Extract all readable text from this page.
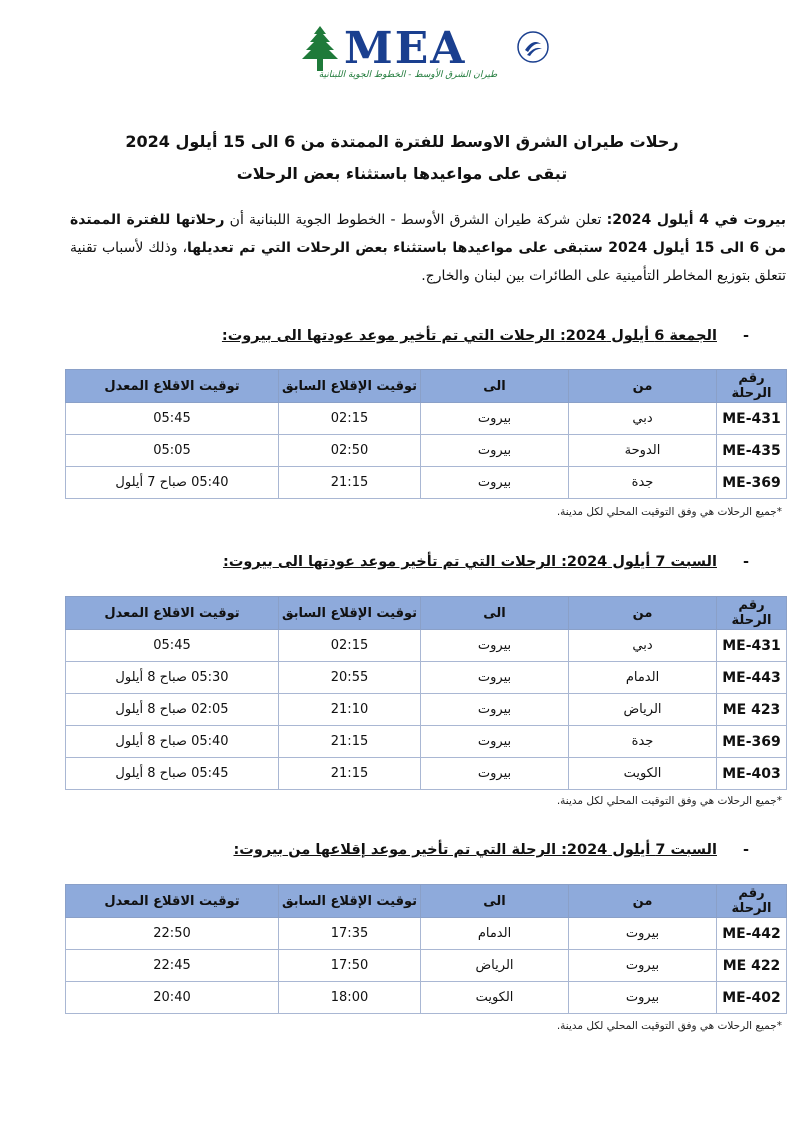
MEA
طيران الشرق الأوسط - الخطوط الجوية اللبنانية
رحلات طيران الشرق الاوسط للفترة الممتدة من 6 الى 15 أيلول 2024
تبقى على مواعيدها باستثناء بعض الرحلات
بيروت في 4 أيلول 2024: تعلن شركة طيران الشرق الأوسط - الخطوط الجوية اللبنانية أن رحلاتها للفترة الممتدة من 6 الى 15 أيلول 2024 ستبقى على مواعيدها باستثناء بعض الرحلات التي تم تعديلها، وذلك لأسباب تقنية تتعلق بتوزيع المخاطر التأمينية على الطائرات بين لبنان والخارج.
-الجمعة 6 أيلول 2024: الرحلات التي تم تأخير موعد عودتها الى بيروت:
رقم الرحلة	من	الى	توقيت الإقلاع السابق	توقيت الاقلاع المعدل
ME-431	دبي	بيروت	02:15	05:45
ME-435	الدوحة	بيروت	02:50	05:05
ME-369	جدة	بيروت	21:15	05:40 صباح 7 أيلول
*جميع الرحلات هي وفق التوقيت المحلي لكل مدينة.
-السبت 7 أيلول 2024: الرحلات التي تم تأخير موعد عودتها الى بيروت:
رقم الرحلة	من	الى	توقيت الإقلاع السابق	توقيت الاقلاع المعدل
ME-431	دبي	بيروت	02:15	05:45
ME-443	الدمام	بيروت	20:55	05:30 صباح 8 أيلول
ME 423	الرياض	بيروت	21:10	02:05 صباح 8 أيلول
ME-369	جدة	بيروت	21:15	05:40 صباح 8 أيلول
ME-403	الكويت	بيروت	21:15	05:45 صباح 8 أيلول
*جميع الرحلات هي وفق التوقيت المحلي لكل مدينة.
-السبت 7 أيلول 2024: الرحلة التي تم تأخير موعد إقلاعها من بيروت:
رقم الرحلة	من	الى	توقيت الإقلاع السابق	توقيت الاقلاع المعدل
ME-442	بيروت	الدمام	17:35	22:50
ME 422	بيروت	الرياض	17:50	22:45
ME-402	بيروت	الكويت	18:00	20:40
*جميع الرحلات هي وفق التوقيت المحلي لكل مدينة.
